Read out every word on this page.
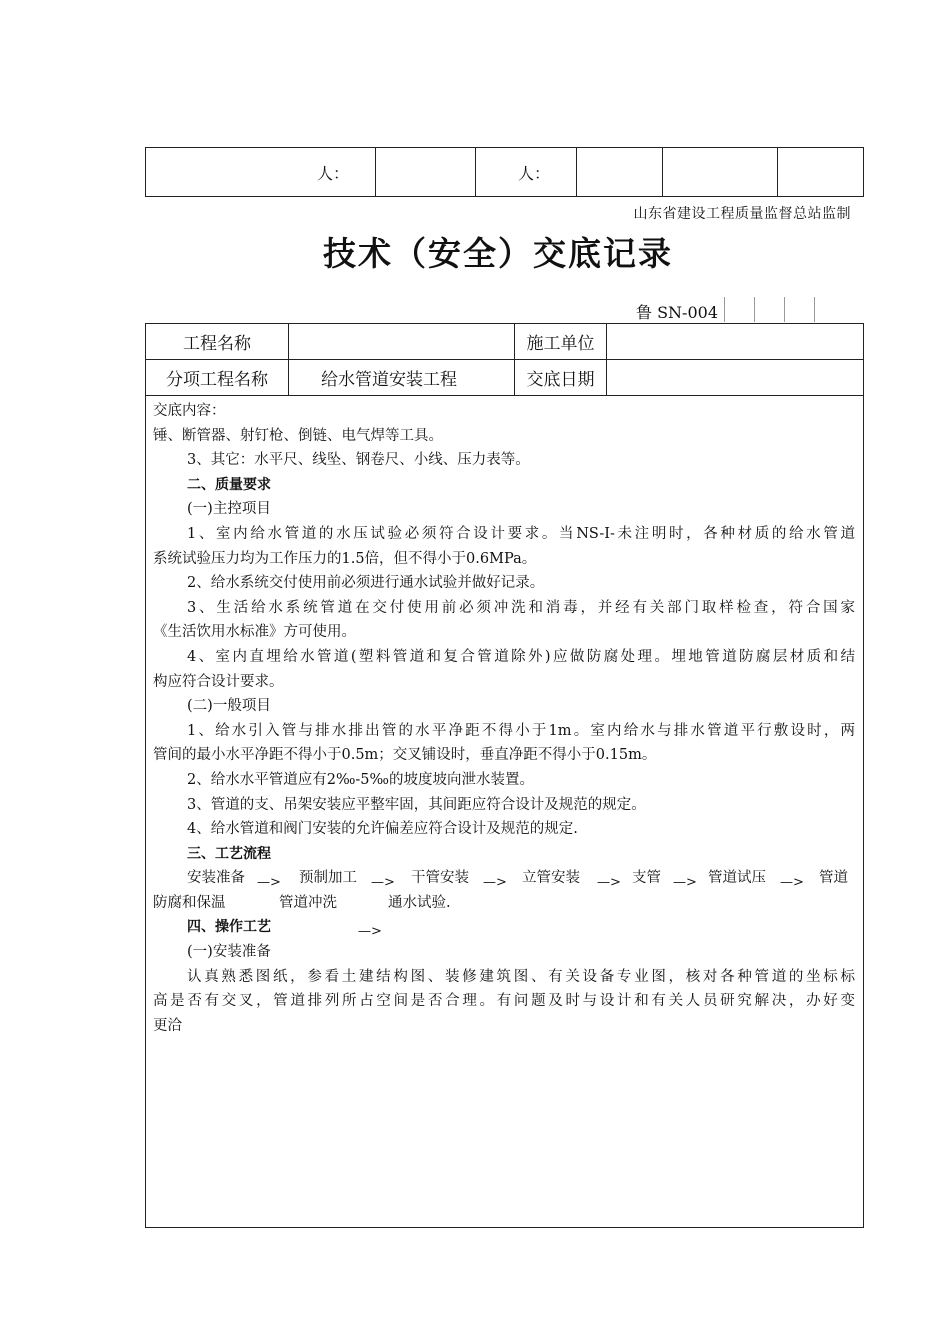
人：		人：			
山东省建设工程质量监督总站监制
技术（安全）交底记录
鲁 SN-004
工程名称		施工单位	
分项工程名称	给水管道安装工程	交底日期	

交底内容：

锤、断管器、射钉枪、倒链、电气焊等工具。

3、其它：水平尺、线坠、钢卷尺、小线、压力表等。

二、质量要求

(一)主控项目

1、室内给水管道的水压试验必须符合设计要求。当NS-I-未注明时，各种材质的给水管道

系统试验压力均为工作压力的1.5倍，但不得小于0.6MPa。

2、给水系统交付使用前必须进行通水试验并做好记录。

3、生活给水系统管道在交付使用前必须冲洗和消毒，并经有关部门取样检查，符合国家

《生活饮用水标准》方可使用。

4、室内直埋给水管道(塑料管道和复合管道除外)应做防腐处理。埋地管道防腐层材质和结

构应符合设计要求。

(二)一般项目

1、给水引入管与排水排出管的水平净距不得小于1m。室内给水与排水管道平行敷设时，两

管间的最小水平净距不得小于0.5m；交叉铺设时，垂直净距不得小于0.15m。

2、给水水平管道应有2‰-5‰的坡度坡向泄水装置。

3、管道的支、吊架安装应平整牢固，其间距应符合设计及规范的规定。

4、给水管道和阀门安装的允许偏差应符合设计及规范的规定.

三、工艺流程

安装准备 —> 预制加工 —> 干管安装 —> 立管安装 —> 支管 —> 管道试压 —> 管道
防腐和保温	管道冲洗	通水试验.
四、操作工艺	—>

(一)安装准备

认真熟悉图纸，参看土建结构图、装修建筑图、有关设备专业图，核对各种管道的坐标标

高是否有交叉，管道排列所占空间是否合理。有问题及时与设计和有关人员研究解决，办好变

更洽
